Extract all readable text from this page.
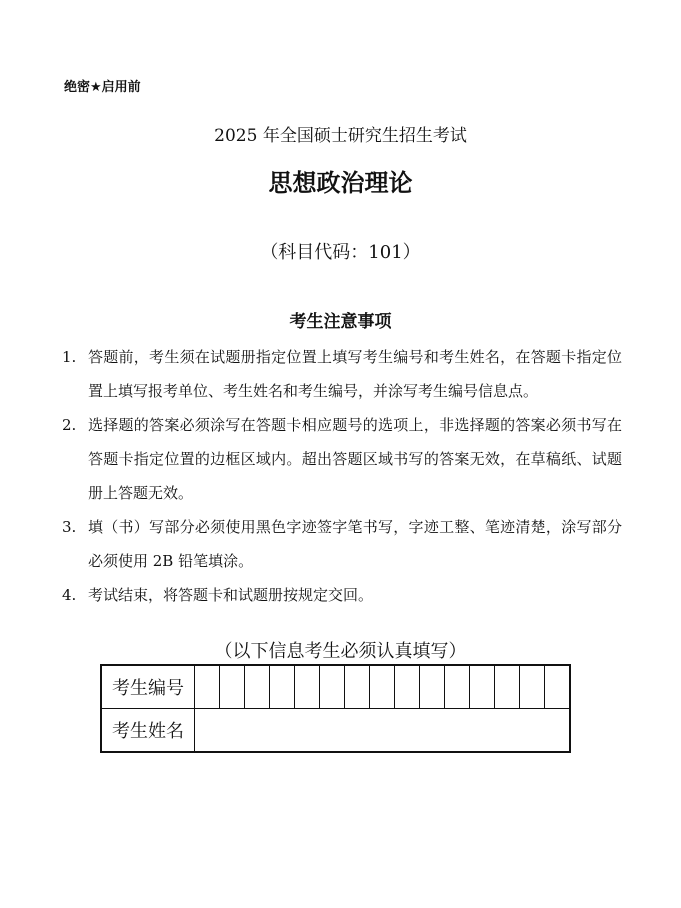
绝密★启用前
2025 年全国硕士研究生招生考试
思想政治理论
（科目代码：101）
考生注意事项
1. 答题前，考生须在试题册指定位置上填写考生编号和考生姓名，在答题卡指定位置上填写报考单位、考生姓名和考生编号，并涂写考生编号信息点。
2. 选择题的答案必须涂写在答题卡相应题号的选项上，非选择题的答案必须书写在答题卡指定位置的边框区域内。超出答题区域书写的答案无效，在草稿纸、试题册上答题无效。
3. 填（书）写部分必须使用黑色字迹签字笔书写，字迹工整、笔迹清楚，涂写部分必须使用 2B 铅笔填涂。
4. 考试结束，将答题卡和试题册按规定交回。
（以下信息考生必须认真填写）
考生编号															
考生姓名															
